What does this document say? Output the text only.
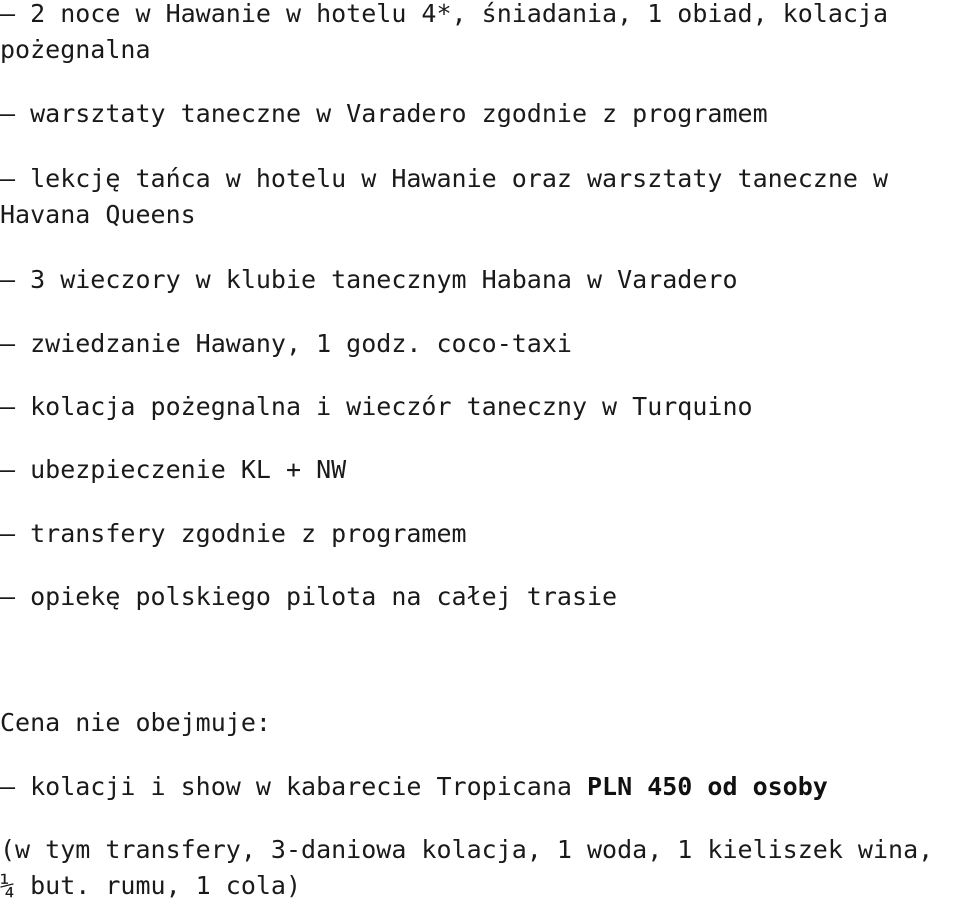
— 2 noce w Hawanie w hotelu 4*, śniadania, 1 obiad, kolacja pożegnalna

— warsztaty taneczne w Varadero zgodnie z programem

— lekcję tańca w hotelu w Hawanie oraz warsztaty taneczne w Havana Queens

— 3 wieczory w klubie tanecznym Habana w Varadero

— zwiedzanie Hawany, 1 godz. coco-taxi

— kolacja pożegnalna i wieczór taneczny w Turquino

— ubezpieczenie KL + NW

— transfery zgodnie z programem

— opiekę polskiego pilota na całej trasie

Cena nie obejmuje:

— kolacji i show w kabarecie Tropicana PLN 450 od osoby

(w tym transfery, 3-daniowa kolacja, 1 woda, 1 kieliszek wina, ¼ but. rumu, 1 cola)
